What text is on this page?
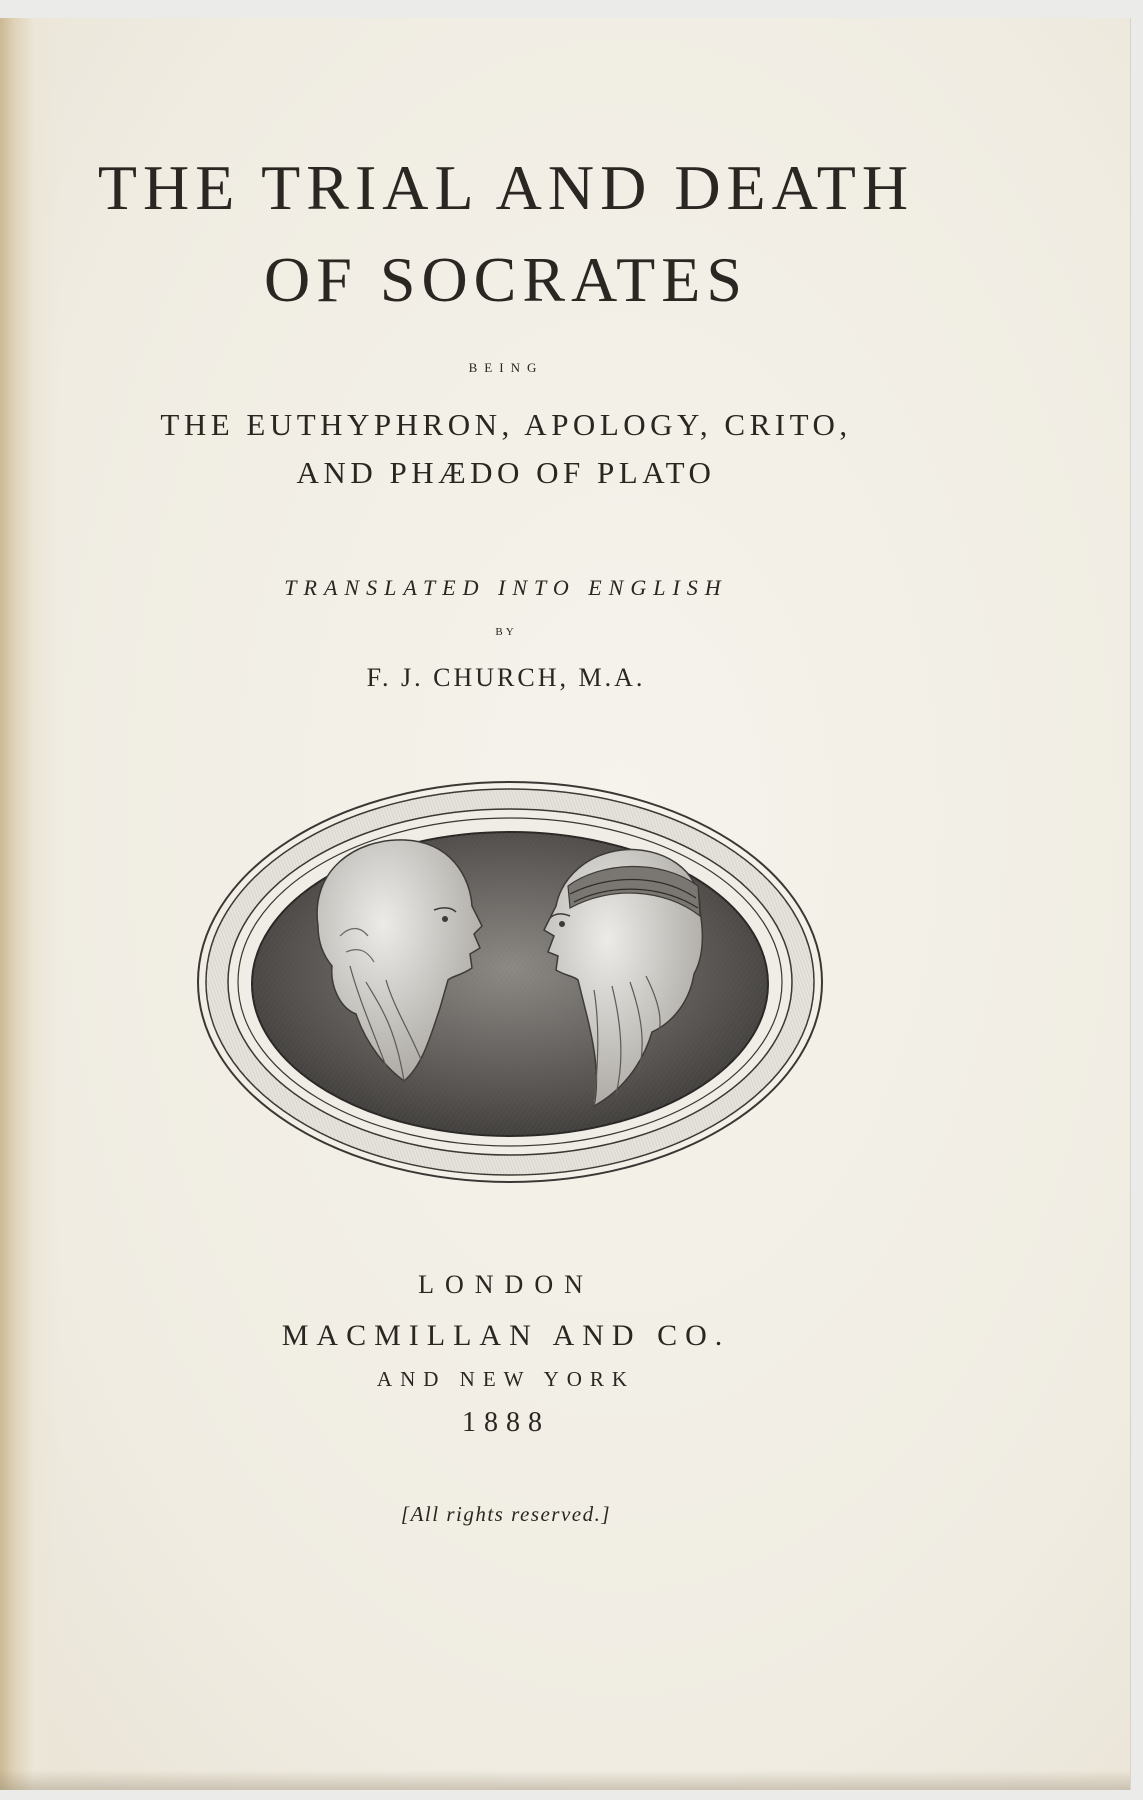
THE TRIAL AND DEATH
OF SOCRATES
BEING
THE EUTHYPHRON, APOLOGY, CRITO,
AND PHÆDO OF PLATO
TRANSLATED INTO ENGLISH
BY
F. J. CHURCH, M.A.
LONDON
MACMILLAN AND CO.
AND NEW YORK
1888
[All rights reserved.]
